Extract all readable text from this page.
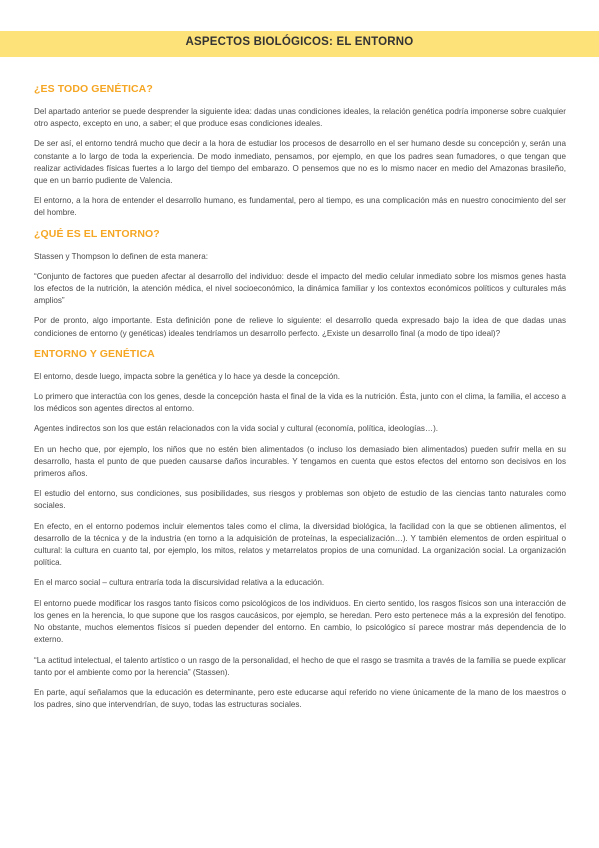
ASPECTOS BIOLÓGICOS: EL ENTORNO
¿ES TODO GENÉTICA?

Del apartado anterior se puede desprender la siguiente idea: dadas unas condiciones ideales, la relación genética podría imponerse sobre cualquier otro aspecto, excepto en uno, a saber; el que produce esas condiciones ideales.

De ser así, el entorno tendrá mucho que decir a la hora de estudiar los procesos de desarrollo en el ser humano desde su concepción y, serán una constante a lo largo de toda la experiencia. De modo inmediato, pensamos, por ejemplo, en que los padres sean fumadores, o que tengan que realizar actividades físicas fuertes a lo largo del tiempo del embarazo. O pensemos que no es lo mismo nacer en medio del Amazonas brasileño, que en un barrio pudiente de Valencia.

El entorno, a la hora de entender el desarrollo humano, es fundamental, pero al tiempo, es una complicación más en nuestro conocimiento del ser del hombre.

¿QUÉ ES EL ENTORNO?

Stassen y Thompson lo definen de esta manera:

“Conjunto de factores que pueden afectar al desarrollo del individuo: desde el impacto del medio celular inmediato sobre los mismos genes hasta los efectos de la nutrición, la atención médica, el nivel socioeconómico, la dinámica familiar y los contextos económicos políticos y culturales más amplios”

Por de pronto, algo importante. Esta definición pone de relieve lo siguiente: el desarrollo queda expresado bajo la idea de que dadas unas condiciones de entorno (y genéticas) ideales tendríamos un desarrollo perfecto. ¿Existe un desarrollo final (a modo de tipo ideal)?

ENTORNO Y GENÉTICA

El entorno, desde luego, impacta sobre la genética y lo hace ya desde la concepción.

Lo primero que interactúa con los genes, desde la concepción hasta el final de la vida es la nutrición. Ésta, junto con el clima, la familia, el acceso a los médicos son agentes directos al entorno.

Agentes indirectos son los que están relacionados con la vida social y cultural (economía, política, ideologías…).

En un hecho que, por ejemplo, los niños que no estén bien alimentados (o incluso los demasiado bien alimentados) pueden sufrir mella en su desarrollo, hasta el punto de que pueden causarse daños incurables. Y tengamos en cuenta que estos efectos del entorno son decisivos en los primeros años.

El estudio del entorno, sus condiciones, sus posibilidades, sus riesgos y problemas son objeto de estudio de las ciencias tanto naturales como sociales.

En efecto, en el entorno podemos incluir elementos tales como el clima, la diversidad biológica, la facilidad con la que se obtienen alimentos, el desarrollo de la técnica y de la industria (en torno a la adquisición de proteínas, la especialización…). Y también elementos de orden espiritual o cultural: la cultura en cuanto tal, por ejemplo, los mitos, relatos y metarrelatos propios de una comunidad. La organización social. La organización política.

En el marco social – cultura entraría toda la discursividad relativa a la educación.

El entorno puede modificar los rasgos tanto físicos como psicológicos de los individuos. En cierto sentido, los rasgos físicos son una interacción de los genes en la herencia, lo que supone que los rasgos caucásicos, por ejemplo, se heredan. Pero esto pertenece más a la expresión del fenotipo. No obstante, muchos elementos físicos sí pueden depender del entorno. En cambio, lo psicológico sí parece mostrar más dependencia de lo externo.

“La actitud intelectual, el talento artístico o un rasgo de la personalidad, el hecho de que el rasgo se trasmita a través de la familia se puede explicar tanto por el ambiente como por la herencia” (Stassen).

En parte, aquí señalamos que la educación es determinante, pero este educarse aquí referido no viene únicamente de la mano de los maestros o los padres, sino que intervendrían, de suyo, todas las estructuras sociales.
